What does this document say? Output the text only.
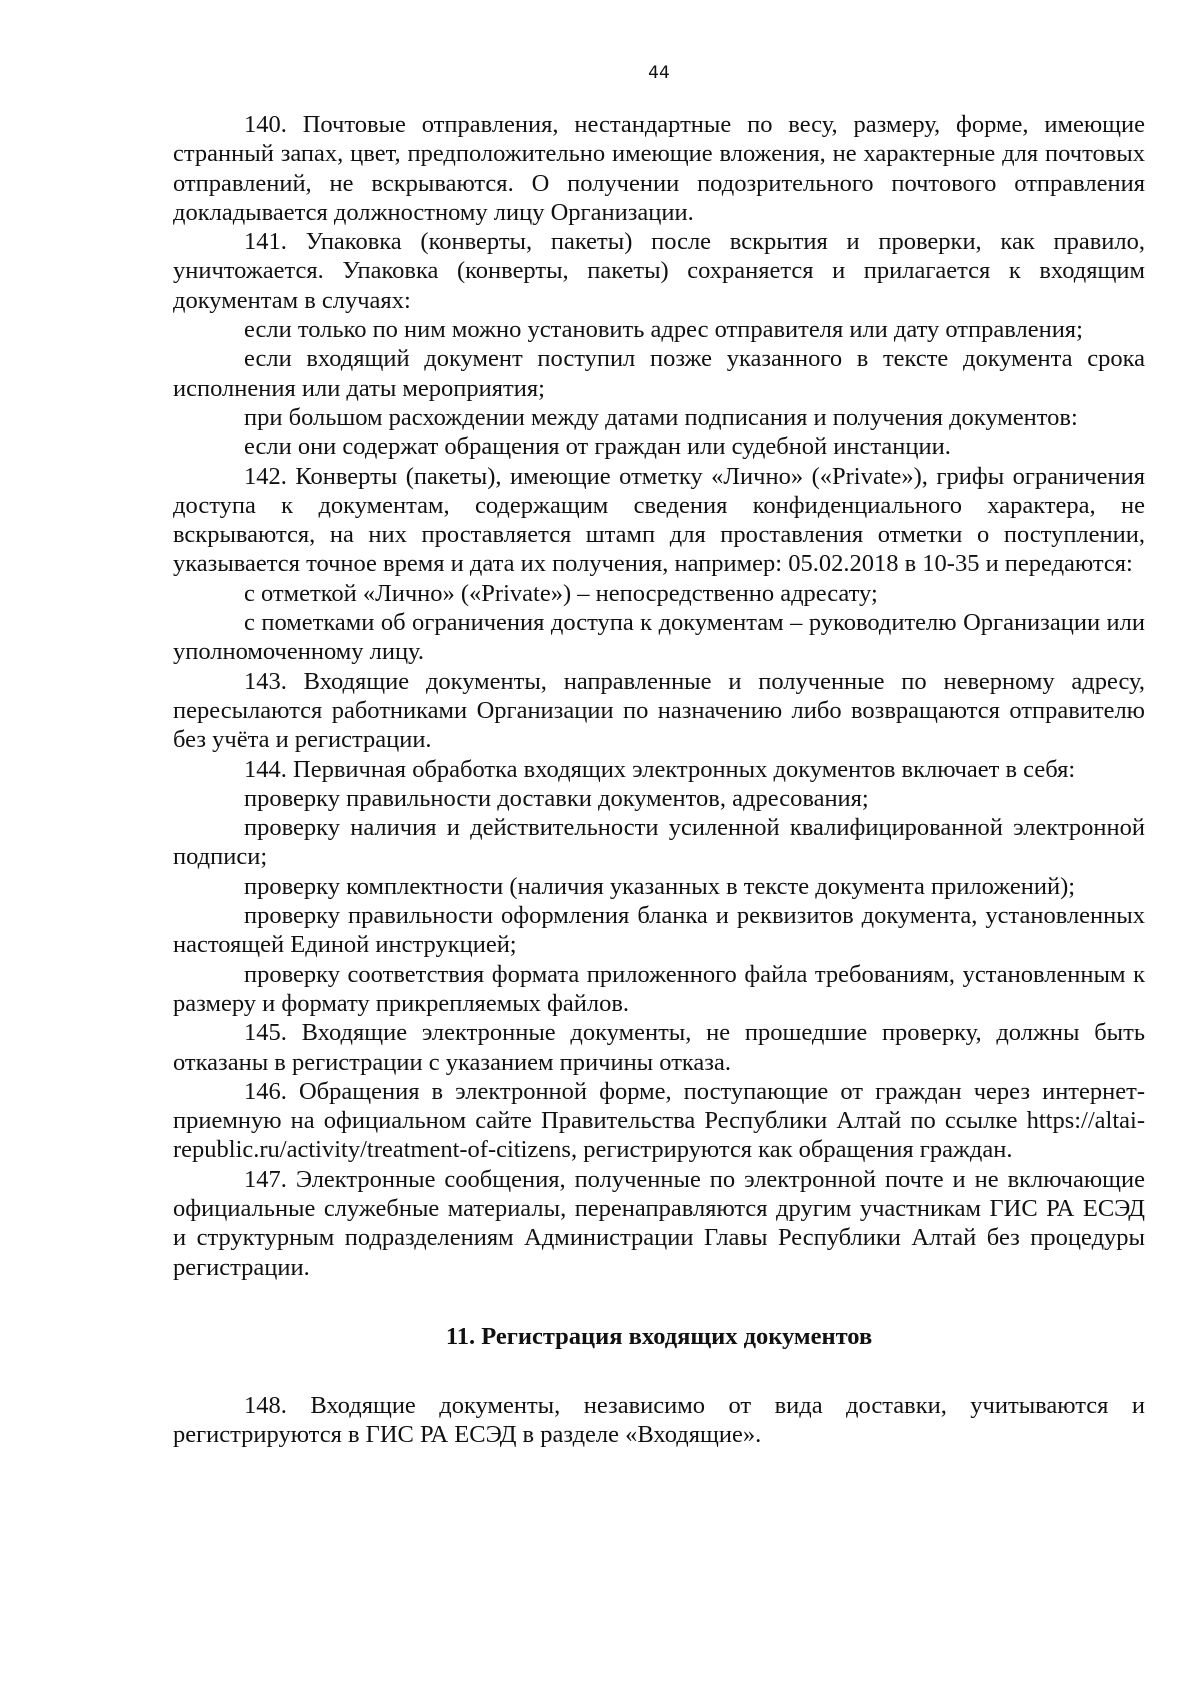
44

140. Почтовые отправления, нестандартные по весу, размеру, форме, имеющие странный запах, цвет, предположительно имеющие вложения, не характерные для почтовых отправлений, не вскрываются. О получении подозрительного почтового отправления докладывается должностному лицу Организации.

141. Упаковка (конверты, пакеты) после вскрытия и проверки, как правило, уничтожается. Упаковка (конверты, пакеты) сохраняется и прилагается к входящим документам в случаях:

если только по ним можно установить адрес отправителя или дату отправления;

если входящий документ поступил позже указанного в тексте документа срока исполнения или даты мероприятия;

при большом расхождении между датами подписания и получения документов:

если они содержат обращения от граждан или судебной инстанции.

142. Конверты (пакеты), имеющие отметку «Лично» («Private»), грифы ограничения доступа к документам, содержащим сведения конфиденциального характера, не вскрываются, на них проставляется штамп для проставления отметки о поступлении, указывается точное время и дата их получения, например: 05.02.2018 в 10-35 и передаются:

с отметкой «Лично» («Private») – непосредственно адресату;

с пометками об ограничения доступа к документам – руководителю Организации или уполномоченному лицу.

143. Входящие документы, направленные и полученные по неверному адресу, пересылаются работниками Организации по назначению либо возвращаются отправителю без учёта и регистрации.

144. Первичная обработка входящих электронных документов включает в себя:

проверку правильности доставки документов, адресования;

проверку наличия и действительности усиленной квалифицированной электронной подписи;

проверку комплектности (наличия указанных в тексте документа приложений);

проверку правильности оформления бланка и реквизитов документа, установленных настоящей Единой инструкцией;

проверку соответствия формата приложенного файла требованиям, установленным к размеру и формату прикрепляемых файлов.

145. Входящие электронные документы, не прошедшие проверку, должны быть отказаны в регистрации с указанием причины отказа.

146. Обращения в электронной форме, поступающие от граждан через интернет-приемную на официальном сайте Правительства Республики Алтай по ссылке https://altai-republic.ru/activity/treatment-of-citizens, регистрируются как обращения граждан.

147. Электронные сообщения, полученные по электронной почте и не включающие официальные служебные материалы, перенаправляются другим участникам ГИС РА ЕСЭД и структурным подразделениям Администрации Главы Республики Алтай без процедуры регистрации.

11. Регистрация входящих документов

148. Входящие документы, независимо от вида доставки, учитываются и регистрируются в ГИС РА ЕСЭД в разделе «Входящие».
